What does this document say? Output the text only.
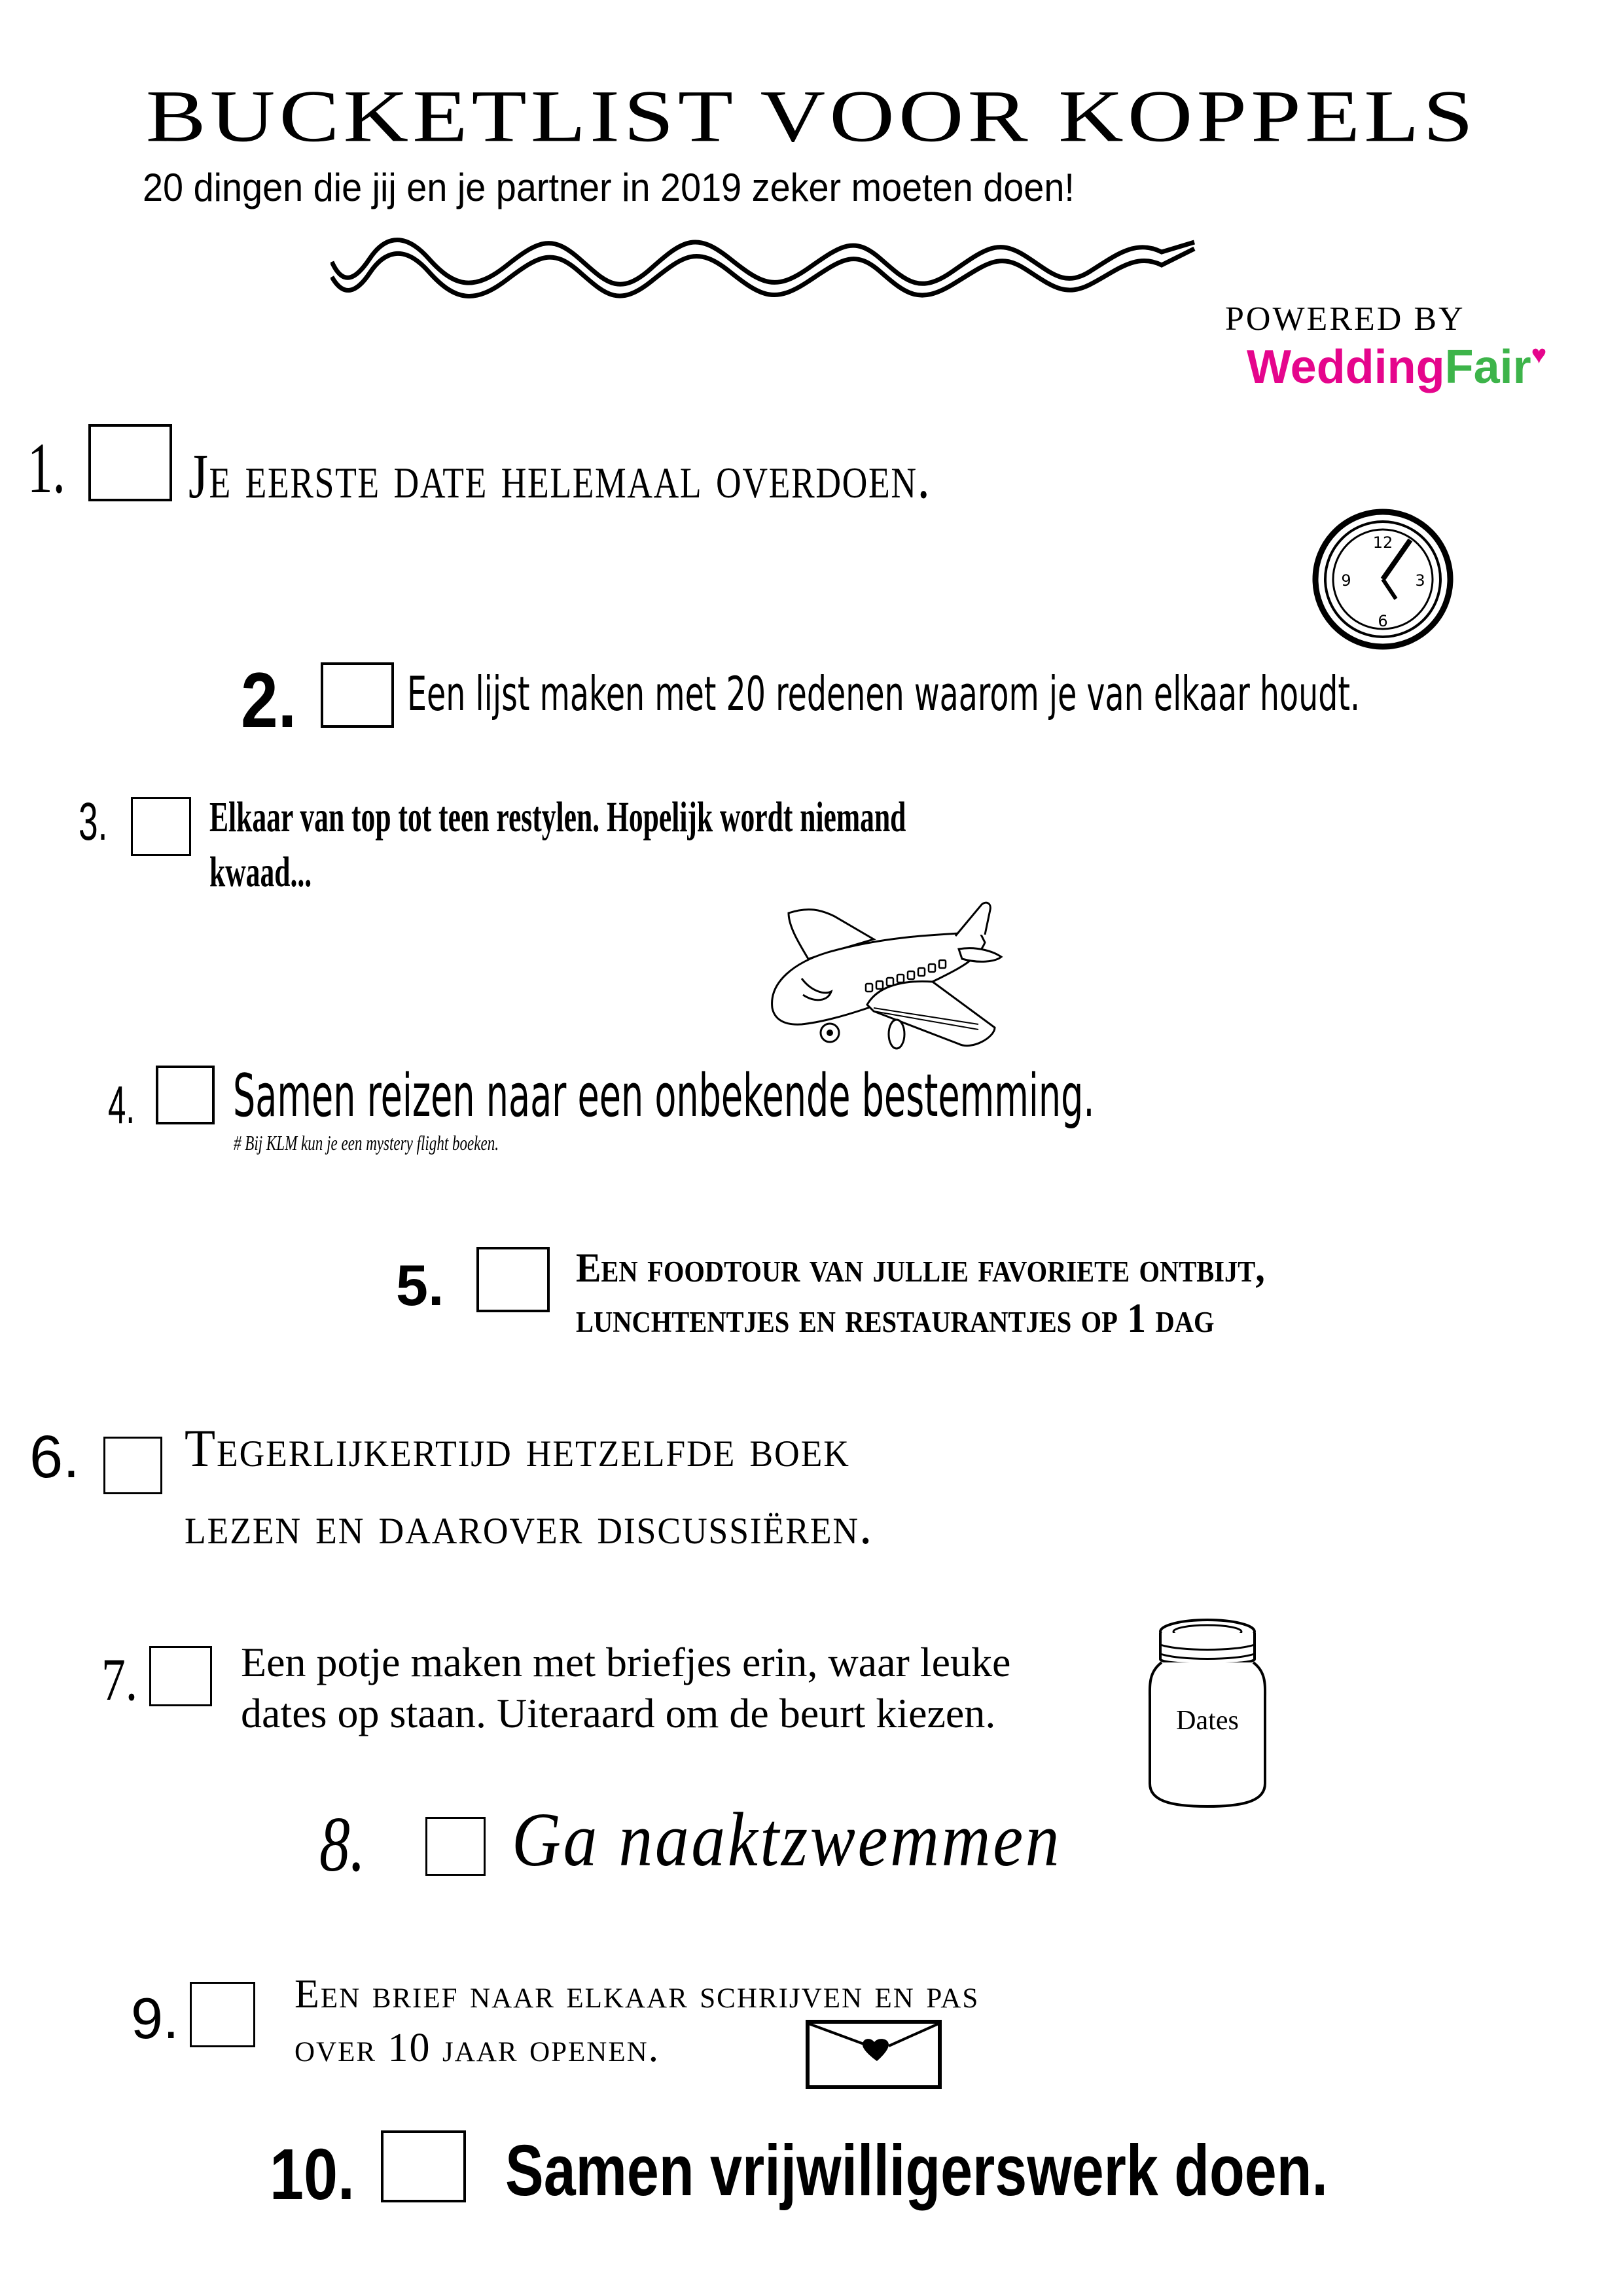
BUCKETLIST VOOR KOPPELS
20 dingen die jij en je partner in 2019 zeker moeten doen!
POWERED BY
WeddingFair♥
1. Je eerste date helemaal overdoen.
12
3
6
9
2. Een lijst maken met 20 redenen waarom je van elkaar houdt.
3. Elkaar van top tot teen restylen. Hopelijk wordt niemand
kwaad...
4. Samen reizen naar een onbekende bestemming.
# Bij KLM kun je een mystery flight boeken.
5.	Een foodtour van jullie favoriete ontbijt,
lunchtentjes en restaurantjes op 1 dag
6. Tegerlijkertijd hetzelfde boek
lezen en daarover discussiëren.
7. Een potje maken met briefjes erin, waar leuke
dates op staan. Uiteraard om de beurt kiezen.	Dates
8. Ga naaktzwemmen
9.	Een brief naar elkaar schrijven en pas
over 10 jaar openen.
10. Samen vrijwilligerswerk doen.
